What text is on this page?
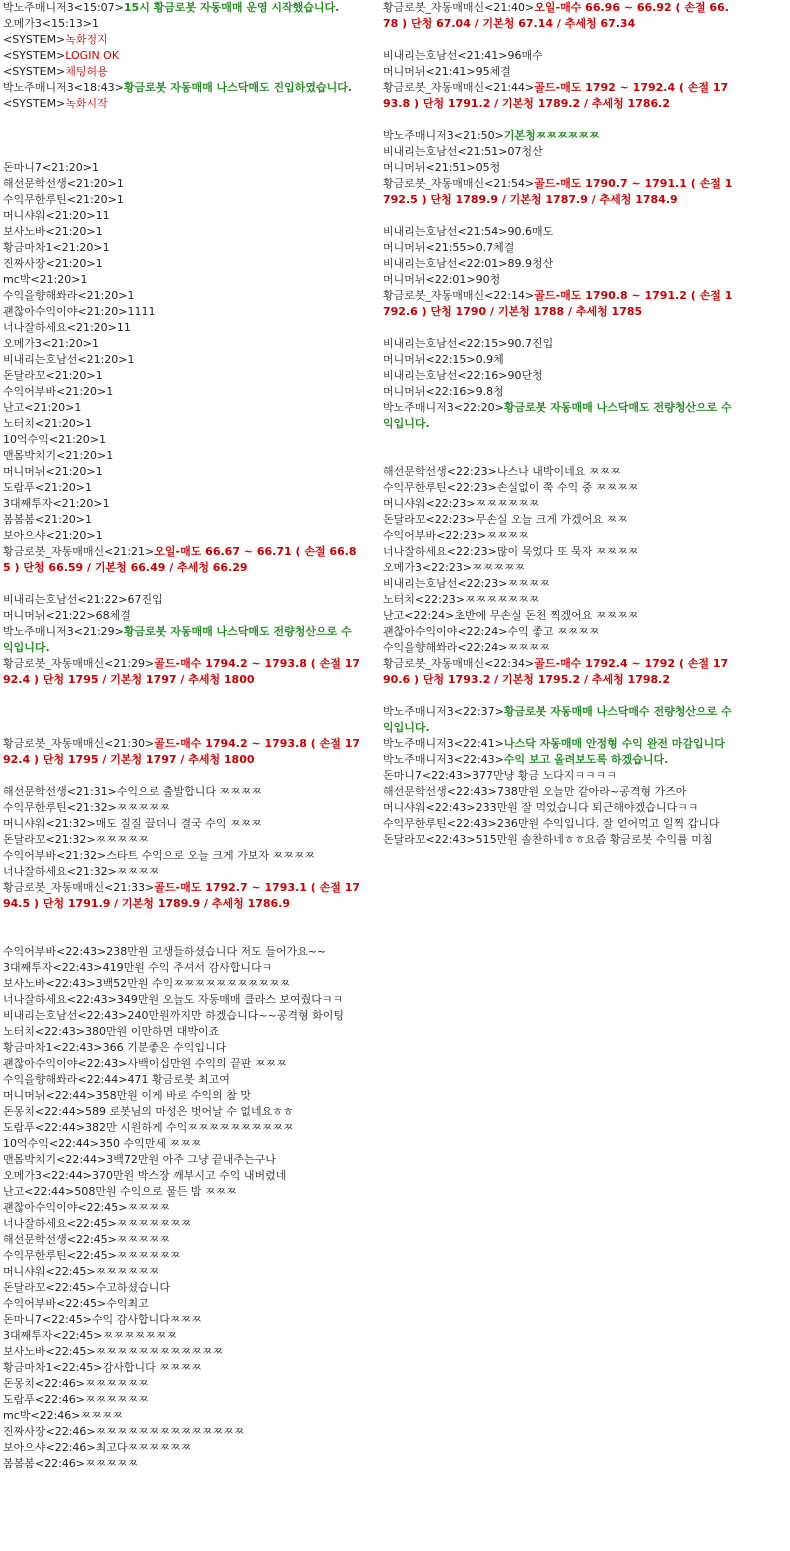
박노주매니저3<15:07>15시 황금로봇 자동매매 운영 시작했습니다.
오메가3<15:13>1
<SYSTEM>녹화정지
<SYSTEM>LOGIN OK
<SYSTEM>채팅허용
박노주매니저3<18:43>황금로봇 자동매매 나스닥매도 진입하였습니다.
<SYSTEM>녹화시작
돈마니7<21:20>1
해선문학선생<21:20>1
수익무한루틴<21:20>1
머니샤워<21:20>11
보사노바<21:20>1
황금마차1<21:20>1
진짜사장<21:20>1
mc박<21:20>1
수익을향해쏴라<21:20>1
괜찮아수익이야<21:20>1111
너나잘하세요<21:20>11
오메가3<21:20>1
비내리는호남선<21:20>1
돈달라꼬<21:20>1
수익어부바<21:20>1
난고<21:20>1
노터치<21:20>1
10억수익<21:20>1
맨몸박치기<21:20>1
머니머뉘<21:20>1
도람푸<21:20>1
3대째투자<21:20>1
봄봄봄<21:20>1
보아으샤<21:20>1
황금로봇_자동매매신<21:21>오일-매도 66.67 ~ 66.71 ( 손절 66.85 ) 단청 66.59 / 기본청 66.49 / 추세청 66.29
비내리는호남선<21:22>67진입
머니머뉘<21:22>68체결
박노주매니저3<21:29>황금로봇 자동매매 나스닥매도 전량청산으로 수익입니다.
황금로봇_자동매매신<21:29>골드-매수 1794.2 ~ 1793.8 ( 손절 1792.4 ) 단청 1795 / 기본청 1797 / 추세청 1800
황금로봇_자동매매신<21:30>골드-매수 1794.2 ~ 1793.8 ( 손절 1792.4 ) 단청 1795 / 기본청 1797 / 추세청 1800
해선문학선생<21:31>수익으로 출발합니다 ㅉㅉㅉㅉ
수익무한루틴<21:32>ㅉㅉㅉㅉㅉ
머니샤워<21:32>매도 질질 끌더니 결국 수익 ㅉㅉㅉ
돈달라꼬<21:32>ㅉㅉㅉㅉㅉ
수익어부바<21:32>스타트 수익으로 오늘 크게 가보자 ㅉㅉㅉㅉ
너나잘하세요<21:32>ㅉㅉㅉㅉ
황금로봇_자동매매신<21:33>골드-매도 1792.7 ~ 1793.1 ( 손절 1794.5 ) 단청 1791.9 / 기본청 1789.9 / 추세청 1786.9
수익어부바<22:43>238만원 고생들하셨습니다 저도 들어가요~~
3대째투자<22:43>419만원 수익 주셔서 감사합니다ㅋ
보사노바<22:43>3백52만원 수익ㅉㅉㅉㅉㅉㅉㅉㅉㅉㅉㅉ
너나잘하세요<22:43>349만원 오늘도 자동매매 클라스 보여줬다ㅋㅋ
비내리는호남선<22:43>240만원까지만 하겠습니다~~공격형 화이팅
노터치<22:43>380만원 이만하면 대박이죠
황금마차1<22:43>366 기분좋은 수익입니다
괜찮아수익이야<22:43>사백이십만원 수익의 끝판 ㅉㅉㅉ
수익을향해쏴라<22:44>471 황금로봇 최고여
머니머뉘<22:44>358만원 이게 바로 수익의 참 맛
돈몽치<22:44>589 로봇님의 마성은 벗어날 수 없네요ㅎㅎ
도람푸<22:44>382만 시원하게 수익ㅉㅉㅉㅉㅉㅉㅉㅉㅉㅉ
10억수익<22:44>350 수익만세 ㅉㅉㅉ
맨몸박치기<22:44>3백72만원 아주 그냥 끝내주는구나
오메가3<22:44>370만원 박스장 깨부시고 수익 내버렸네
난고<22:44>508만원 수익으로 물든 밤 ㅉㅉㅉ
괜찮아수익이야<22:45>ㅉㅉㅉㅉ
너나잘하세요<22:45>ㅉㅉㅉㅉㅉㅉㅉ
해선문학선생<22:45>ㅉㅉㅉㅉㅉ
수익무한루틴<22:45>ㅉㅉㅉㅉㅉㅉ
머니샤워<22:45>ㅉㅉㅉㅉㅉㅉ
돈달라꼬<22:45>수고하셨습니다
수익어부바<22:45>수익최고
돈마니7<22:45>수익 감사합니다ㅉㅉㅉ
3대째투자<22:45>ㅉㅉㅉㅉㅉㅉㅉ
보사노바<22:45>ㅉㅉㅉㅉㅉㅉㅉㅉㅉㅉㅉㅉ
황금마차1<22:45>감사합니다 ㅉㅉㅉㅉ
돈몽치<22:46>ㅉㅉㅉㅉㅉㅉ
도람푸<22:46>ㅉㅉㅉㅉㅉㅉ
mc박<22:46>ㅉㅉㅉㅉ
진짜사장<22:46>ㅉㅉㅉㅉㅉㅉㅉㅉㅉㅉㅉㅉㅉㅉ
보아으샤<22:46>최고다ㅉㅉㅉㅉㅉㅉ
봄봄봄<22:46>ㅉㅉㅉㅉㅉ
황금로봇_자동매매신<21:40>오일-매수 66.96 ~ 66.92 ( 손절 66.78 ) 단청 67.04 / 기본청 67.14 / 추세청 67.34
비내리는호남선<21:41>96매수
머니머뉘<21:41>95체결
황금로봇_자동매매신<21:44>골드-매도 1792 ~ 1792.4 ( 손절 1793.8 ) 단청 1791.2 / 기본청 1789.2 / 추세청 1786.2
박노주매니저3<21:50>기본청ㅉㅉㅉㅉㅉㅉ
비내리는호남선<21:51>07청산
머니머뉘<21:51>05청
황금로봇_자동매매신<21:54>골드-매도 1790.7 ~ 1791.1 ( 손절 1792.5 ) 단청 1789.9 / 기본청 1787.9 / 추세청 1784.9
비내리는호남선<21:54>90.6매도
머니머뉘<21:55>0.7체결
비내리는호남선<22:01>89.9청산
머니머뉘<22:01>90청
황금로봇_자동매매신<22:14>골드-매도 1790.8 ~ 1791.2 ( 손절 1792.6 ) 단청 1790 / 기본청 1788 / 추세청 1785
비내리는호남선<22:15>90.7진입
머니머뉘<22:15>0.9체
비내리는호남선<22:16>90단청
머니머뉘<22:16>9.8청
박노주매니저3<22:20>황금로봇 자동매매 나스닥매도 전량청산으로 수익입니다.
해선문학선생<22:23>나스나 내박이네요 ㅉㅉㅉ
수익무한루틴<22:23>손실없이 쭉 수익 중 ㅉㅉㅉㅉ
머니샤워<22:23>ㅉㅉㅉㅉㅉㅉ
돈달라꼬<22:23>무손실 오늘 크게 가겠어요 ㅉㅉ
수익어부바<22:23>ㅉㅉㅉㅉ
너나잘하세요<22:23>많이 묵었다 또 묵자 ㅉㅉㅉㅉ
오메가3<22:23>ㅉㅉㅉㅉㅉ
비내리는호남선<22:23>ㅉㅉㅉㅉ
노터치<22:23>ㅉㅉㅉㅉㅉㅉㅉ
난고<22:24>초반에 무손실 돈천 찍겠어요 ㅉㅉㅉㅉ
괜찮아수익이야<22:24>수익 좋고 ㅉㅉㅉㅉ
수익을향해쏴라<22:24>ㅉㅉㅉㅉ
황금로봇_자동매매신<22:34>골드-매수 1792.4 ~ 1792 ( 손절 1790.6 ) 단청 1793.2 / 기본청 1795.2 / 추세청 1798.2
박노주매니저3<22:37>황금로봇 자동매매 나스닥매수 전량청산으로 수익입니다.
박노주매니저3<22:41>나스닥 자동매매 안정형 수익 완전 마감입니다
박노주매니저3<22:43>수익 보고 올려보도록 하겠습니다.
돈마니7<22:43>377만냥 황금 노다지ㅋㅋㅋㅋ
해선문학선생<22:43>738만원 오늘만 같아라~공격형 가즈아
머니샤워<22:43>233만원 잘 먹었습니다 퇴근해야겠습니다ㅋㅋ
수익무한루틴<22:43>236만원 수익입니다. 잘 얻어먹고 일찍 갑니다
돈달라꼬<22:43>515만원 솔찬하네ㅎㅎ요즘 황금로봇 수익률 미침
